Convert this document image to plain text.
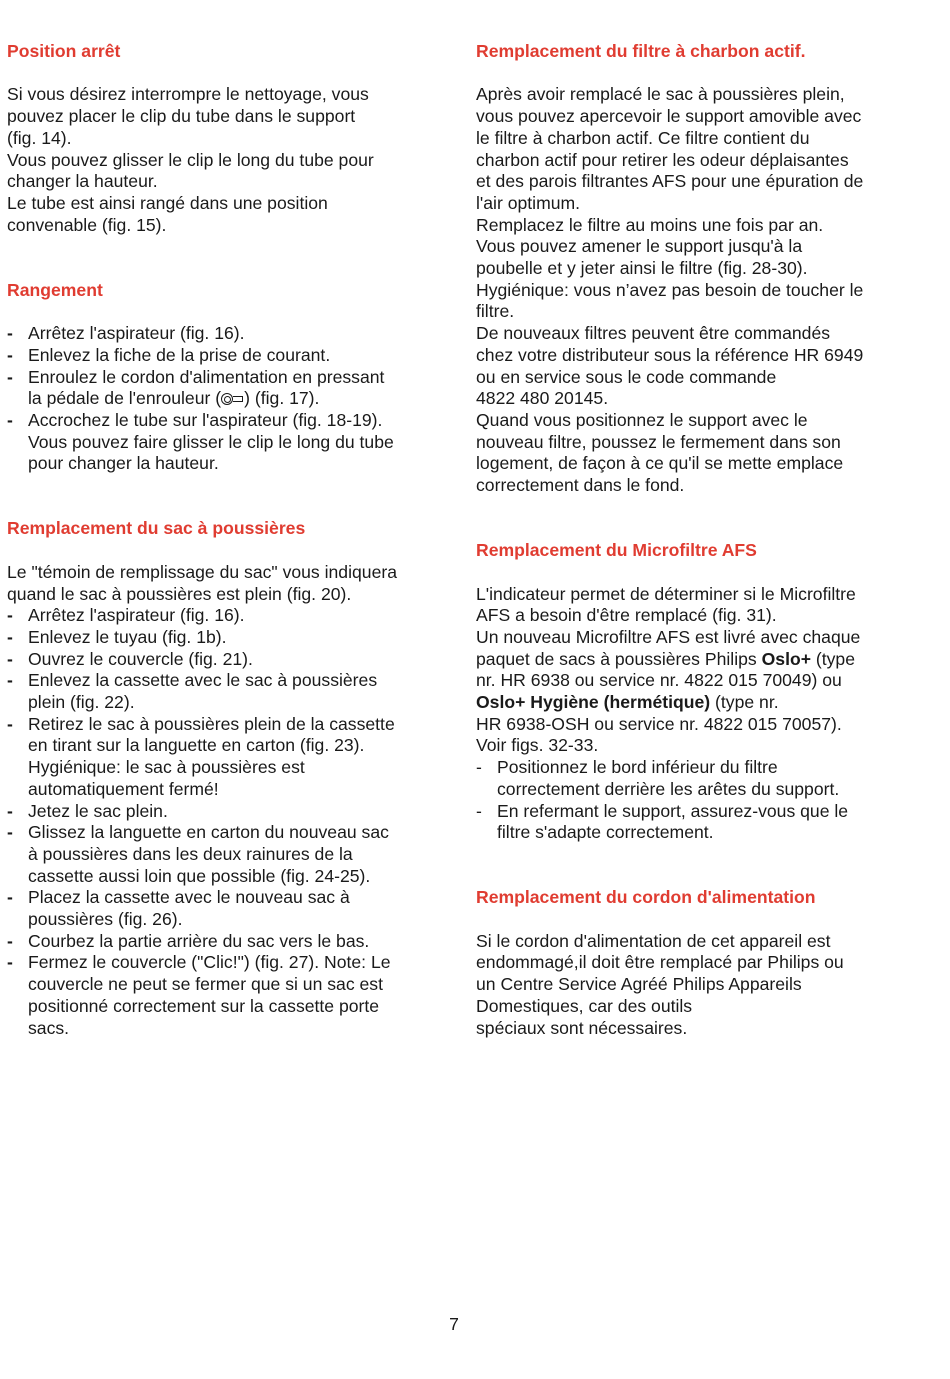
Position arrêt

Si vous désirez interrompre le nettoyage, vous

pouvez placer le clip du tube dans le support

(fig. 14).

Vous pouvez glisser le clip le long du tube pour

changer la hauteur.

Le tube est ainsi rangé dans une position

convenable (fig. 15).

Rangement
- Arrêtez l'aspirateur (fig. 16).

- Enlevez la fiche de la prise de courant.

- Enroulez le cordon d'alimentation en pressant

la pédale de l'enrouleur ( ) (fig. 17).

- Accrochez le tube sur l'aspirateur (fig. 18-19).

Vous pouvez faire glisser le clip le long du tube

pour changer la hauteur.

Remplacement du sac à poussières

Le "témoin de remplissage du sac" vous indiquera

quand le sac à poussières est plein (fig. 20).

- Arrêtez l'aspirateur (fig. 16).

- Enlevez le tuyau (fig. 1b).

- Ouvrez le couvercle (fig. 21).

- Enlevez la cassette avec le sac à poussières

plein (fig. 22).

- Retirez le sac à poussières plein de la cassette

en tirant sur la languette en carton (fig. 23).

Hygiénique: le sac à poussières est

automatiquement fermé!

- Jetez le sac plein.

- Glissez la languette en carton du nouveau sac

à poussières dans les deux rainures de la

cassette aussi loin que possible (fig. 24-25).

- Placez la cassette avec le nouveau sac à

poussières (fig. 26).

- Courbez la partie arrière du sac vers le bas.

- Fermez le couvercle ("Clic!") (fig. 27). Note: Le

couvercle ne peut se fermer que si un sac est

positionné correctement sur la cassette porte

sacs.

Remplacement du filtre à charbon actif.

Après avoir remplacé le sac à poussières plein,

vous pouvez apercevoir le support amovible avec

le filtre à charbon actif. Ce filtre contient du

charbon actif pour retirer les odeur déplaisantes

et des parois filtrantes AFS pour une épuration de

l'air optimum.

Remplacez le filtre au moins une fois par an.

Vous pouvez amener le support jusqu'à la

poubelle et y jeter ainsi le filtre (fig. 28-30).

Hygiénique: vous n’avez pas besoin de toucher le

filtre.

De nouveaux filtres peuvent être commandés

chez votre distributeur sous la référence HR 6949

ou en service sous le code commande

4822 480 20145.

Quand vous positionnez le support avec le

nouveau filtre, poussez le fermement dans son

logement, de façon à ce qu'il se mette emplace

correctement dans le fond.

Remplacement du Microfiltre AFS

L'indicateur permet de déterminer si le Microfiltre

AFS a besoin d'être remplacé (fig. 31).

Un nouveau Microfiltre AFS est livré avec chaque

paquet de sacs à poussières Philips Oslo+ (type

nr. HR 6938 ou service nr. 4822 015 70049) ou

Oslo+ Hygiène (hermétique) (type nr.

HR 6938-OSH ou service nr. 4822 015 70057).

Voir figs. 32-33.

- Positionnez le bord inférieur du filtre

correctement derrière les arêtes du support.

- En refermant le support, assurez-vous que le

filtre s'adapte correctement.

Remplacement du cordon d'alimentation

Si le cordon d'alimentation de cet appareil est

endommagé,il doit être remplacé par Philips ou

un Centre Service Agréé Philips Appareils

Domestiques, car des outils

spéciaux sont nécessaires.

7
